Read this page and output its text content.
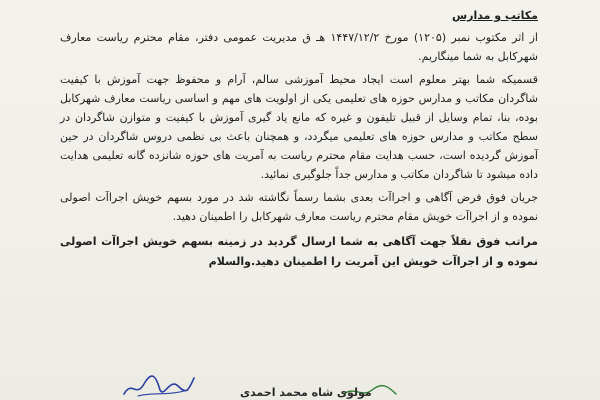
مکاتب و مدارس

از اثر مکتوب نمبر (۱۲۰۵) مورخ ۱۴۴۷/۱۲/۲ هـ ق مدیریت عمومی دفتر، مقام محترم ریاست معارف شهرکابل به شما مینگاریم.

قسمیکه شما بهتر معلوم است ایجاد محیط آموزشی سالم، آرام و محفوظ جهت آموزش با کیفیت شاگردان مکاتب و مدارس حوزه های تعلیمی یکی از اولویت های مهم و اساسی ریاست معارف شهرکابل بوده، بنا، تمام وسایل از قبیل تلیفون و غیره که مانع یاد گیری آموزش با کیفیت و متوازن شاگردان در سطح مکاتب و مدارس حوزه های تعلیمی میگردد، و همچنان باعث بی نظمی دروس شاگردان در حین آموزش گردیده است، حسب هدایت مقام محترم ریاست به آمریت های حوزه شانزده گانه تعلیمی هدایت داده میشود تا شاگردان مکاتب و مدارس جداً جلوگیری نمائید.

جریان فوق فرض آگاهی و اجراآت بعدی بشما رسماً نگاشته شد در مورد بسهم خویش اجراآت اصولی نموده و از اجراآت خویش مقام محترم ریاست معارف شهرکابل را اطمینان دهید.

مراتب فوق نقلاً جهت آگاهی به شما ارسال گردید در زمینه بسهم خویش اجراآت اصولی نموده و از اجراآت خویش این آمریت را اطمینان دهید.والسلام

مولوی شاه محمد احمدی
